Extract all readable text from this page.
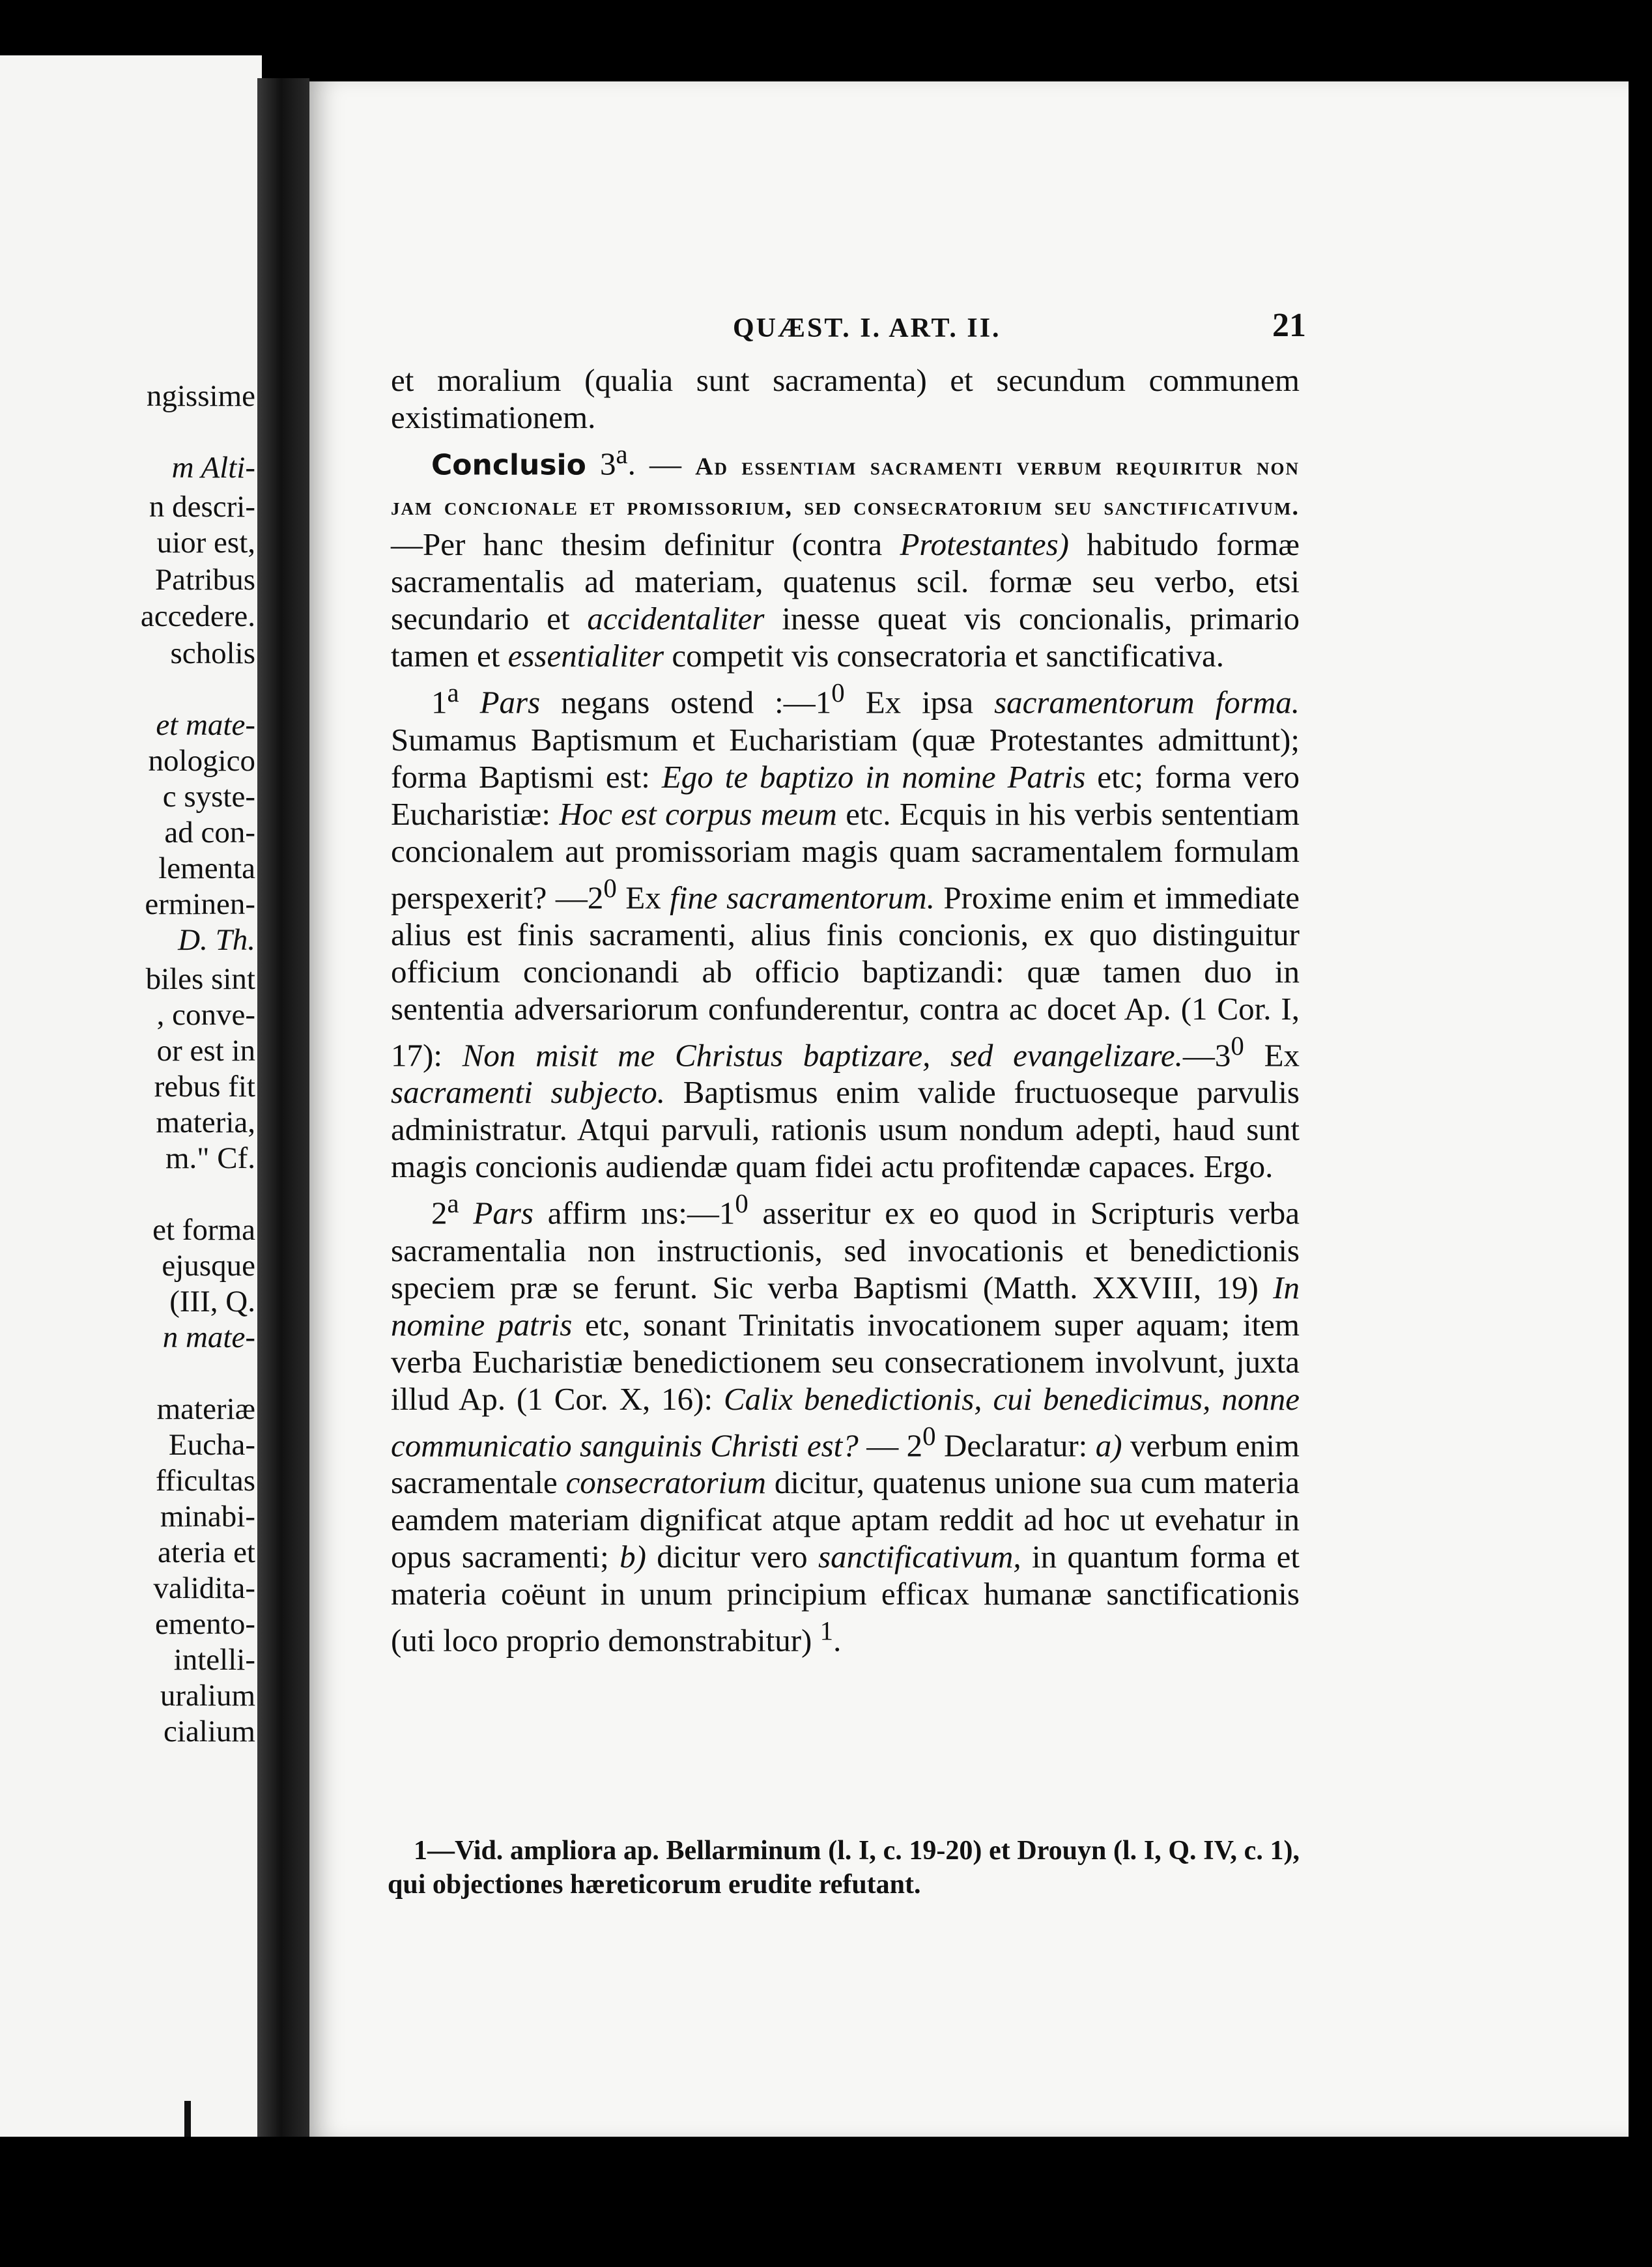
ngissime
m Alti-
n descri-
uior est,
Patribus
accedere.
scholis
et mate-
nologico
c syste-
ad con-
lementa
erminen-
D. Th.
biles sint
, conve-
or est in
rebus fit
materia,
m." Cf.
et forma
ejusque
(III, Q.
n mate-
materiæ
Eucha-
fficultas
minabi-
ateria et
validita-
emento-
intelli-
uralium
cialium
QUÆST. I. ART. II.	21

et moralium (qualia sunt sacramenta) et secundum communem existimationem.

Conclusio 3$^a$. — Ad essentiam sacramenti verbum requiritur non jam concionale et promissorium, sed consecratorium seu sanctificativum.—Per hanc thesim definitur (contra Protestantes) habitudo formæ sacramentalis ad materiam, quatenus scil. formæ seu verbo, etsi secundario et accidentaliter inesse queat vis concionalis, primario tamen et essentialiter competit vis consecratoria et sanctificativa.

1$^a$ Pars negans ostend $:—1^0$ Ex ipsa sacramentorum forma. Sumamus Baptismum et Eucharistiam (quæ Protestantes admittunt); forma Baptismi est: Ego te baptizo in nomine Patris etc; forma vero Eucharistiæ: Hoc est corpus meum etc. Ecquis in his verbis sententiam concionalem aut promissoriam magis quam sacramentalem formulam perspexerit? $—2^0$ Ex fine sacramentorum. Proxime enim et immediate alius est finis sacramenti, alius finis concionis, ex quo distinguitur officium concionandi ab officio baptizandi: quæ tamen duo in sententia adversariorum confunderentur, contra ac docet Ap. (1 Cor. I, 17): Non misit me Christus baptizare, sed $evangelizare.—3^0$ Ex sacramenti subjecto. Baptismus enim valide fructuoseque parvulis administratur. Atqui parvuli, rationis usum nondum adepti, haud sunt magis concionis audiendæ quam fidei actu profitendæ capaces. Ergo.

2$^a$ Pars affirm $ıns:—1^0$ asseritur ex eo quod in Scripturis verba sacramentalia non instructionis, sed invocationis et benedictionis speciem præ se ferunt. Sic verba Baptismi (Matth. XXVIII, 19) In nomine patris etc, sonant Trinitatis invocationem super aquam; item verba Eucharistiæ benedictionem seu consecrationem involvunt, juxta illud Ap. (1 Cor. X, 16): Calix benedictionis, cui benedicimus, nonne communicatio sanguinis Christi est? — $2^0$ Declaratur: a) verbum enim sacramentale consecratorium dicitur, quatenus unione sua cum materia eamdem materiam dignificat atque aptam reddit ad hoc ut evehatur in opus sacramenti; b) dicitur vero sanctificativum, in quantum forma et materia coëunt in unum principium efficax humanæ sanctificationis (uti loco proprio demonstrabitur) $^1$.

1—Vid. ampliora ap. Bellarminum (l. I, c. 19-20) et Drouyn (l. I, Q. IV, c. 1), qui objectiones hæreticorum erudite refutant.
